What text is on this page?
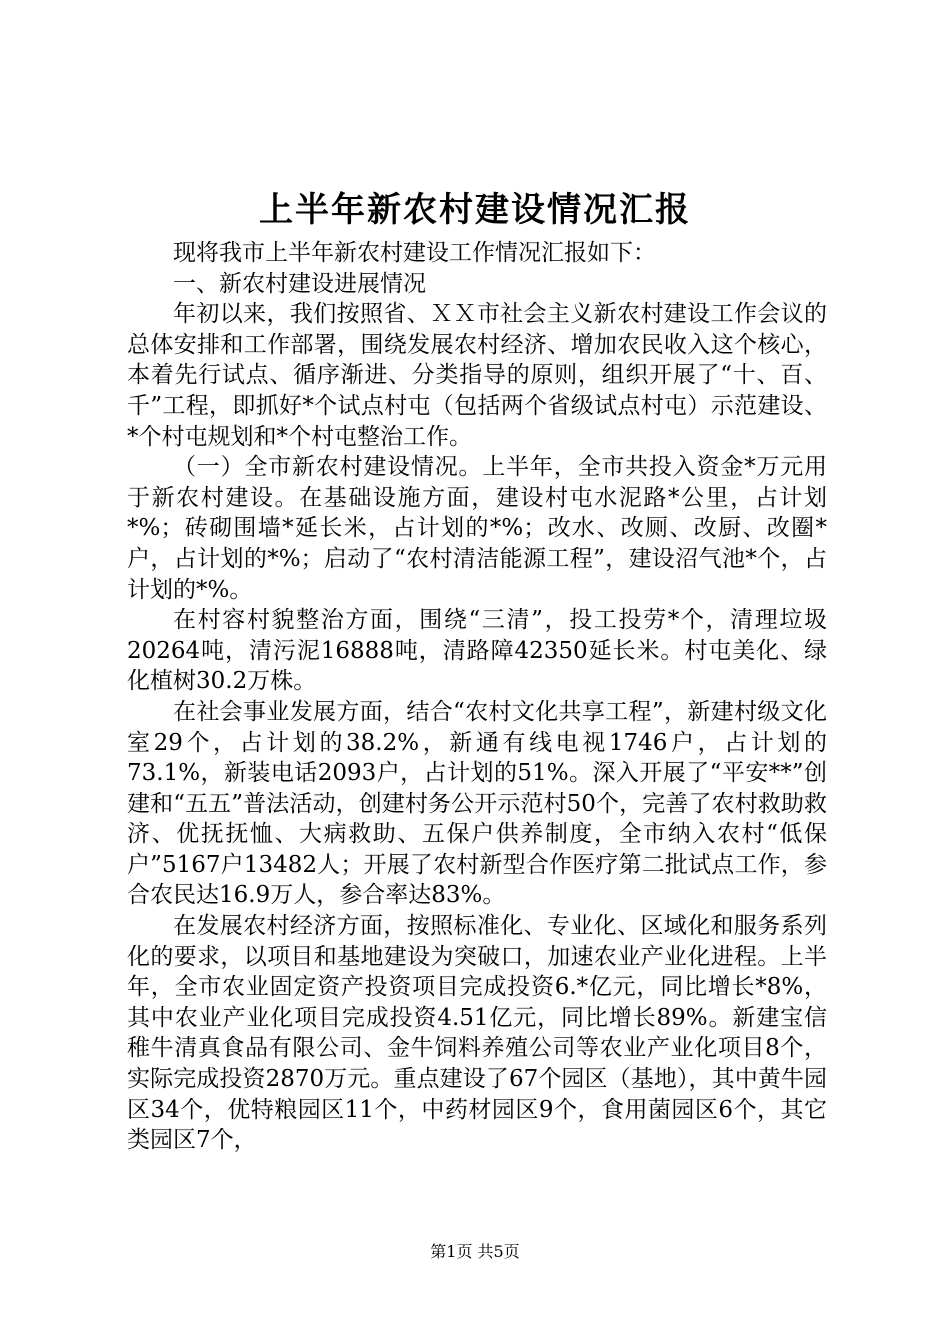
上半年新农村建设情况汇报

现将我市上半年新农村建设工作情况汇报如下：

一、新农村建设进展情况

年初以来，我们按照省、ＸＸ市社会主义新农村建设工作会议的总体安排和工作部署，围绕发展农村经济、增加农民收入这个核心，本着先行试点、循序渐进、分类指导的原则，组织开展了“十、百、千”工程，即抓好*个试点村屯（包括两个省级试点村屯）示范建设、*个村屯规划和*个村屯整治工作。

（一）全市新农村建设情况。上半年，全市共投入资金*万元用于新农村建设。在基础设施方面，建设村屯水泥路*公里，占计划*%；砖砌围墙*延长米，占计划的*%；改水、改厕、改厨、改圈*户，占计划的*%；启动了“农村清洁能源工程”，建设沼气池*个，占计划的*%。

在村容村貌整治方面，围绕“三清”，投工投劳*个，清理垃圾20264吨，清污泥16888吨，清路障42350延长米。村屯美化、绿化植树30.2万株。

在社会事业发展方面，结合“农村文化共享工程”，新建村级文化室29个，占计划的38.2%，新通有线电视1746户，占计划的73.1%，新装电话2093户，占计划的51%。深入开展了“平安**”创建和“五五”普法活动，创建村务公开示范村50个，完善了农村救助救济、优抚抚恤、大病救助、五保户供养制度，全市纳入农村“低保户”5167户13482人；开展了农村新型合作医疗第二批试点工作，参合农民达16.9万人，参合率达83%。

在发展农村经济方面，按照标准化、专业化、区域化和服务系列化的要求，以项目和基地建设为突破口，加速农业产业化进程。上半年，全市农业固定资产投资项目完成投资6.*亿元，同比增长*8%，其中农业产业化项目完成投资4.51亿元，同比增长89%。新建宝信稚牛清真食品有限公司、金牛饲料养殖公司等农业产业化项目8个，实际完成投资2870万元。重点建设了67个园区（基地），其中黄牛园区34个，优特粮园区11个，中药材园区9个，食用菌园区6个，其它类园区7个，

第1页 共5页
